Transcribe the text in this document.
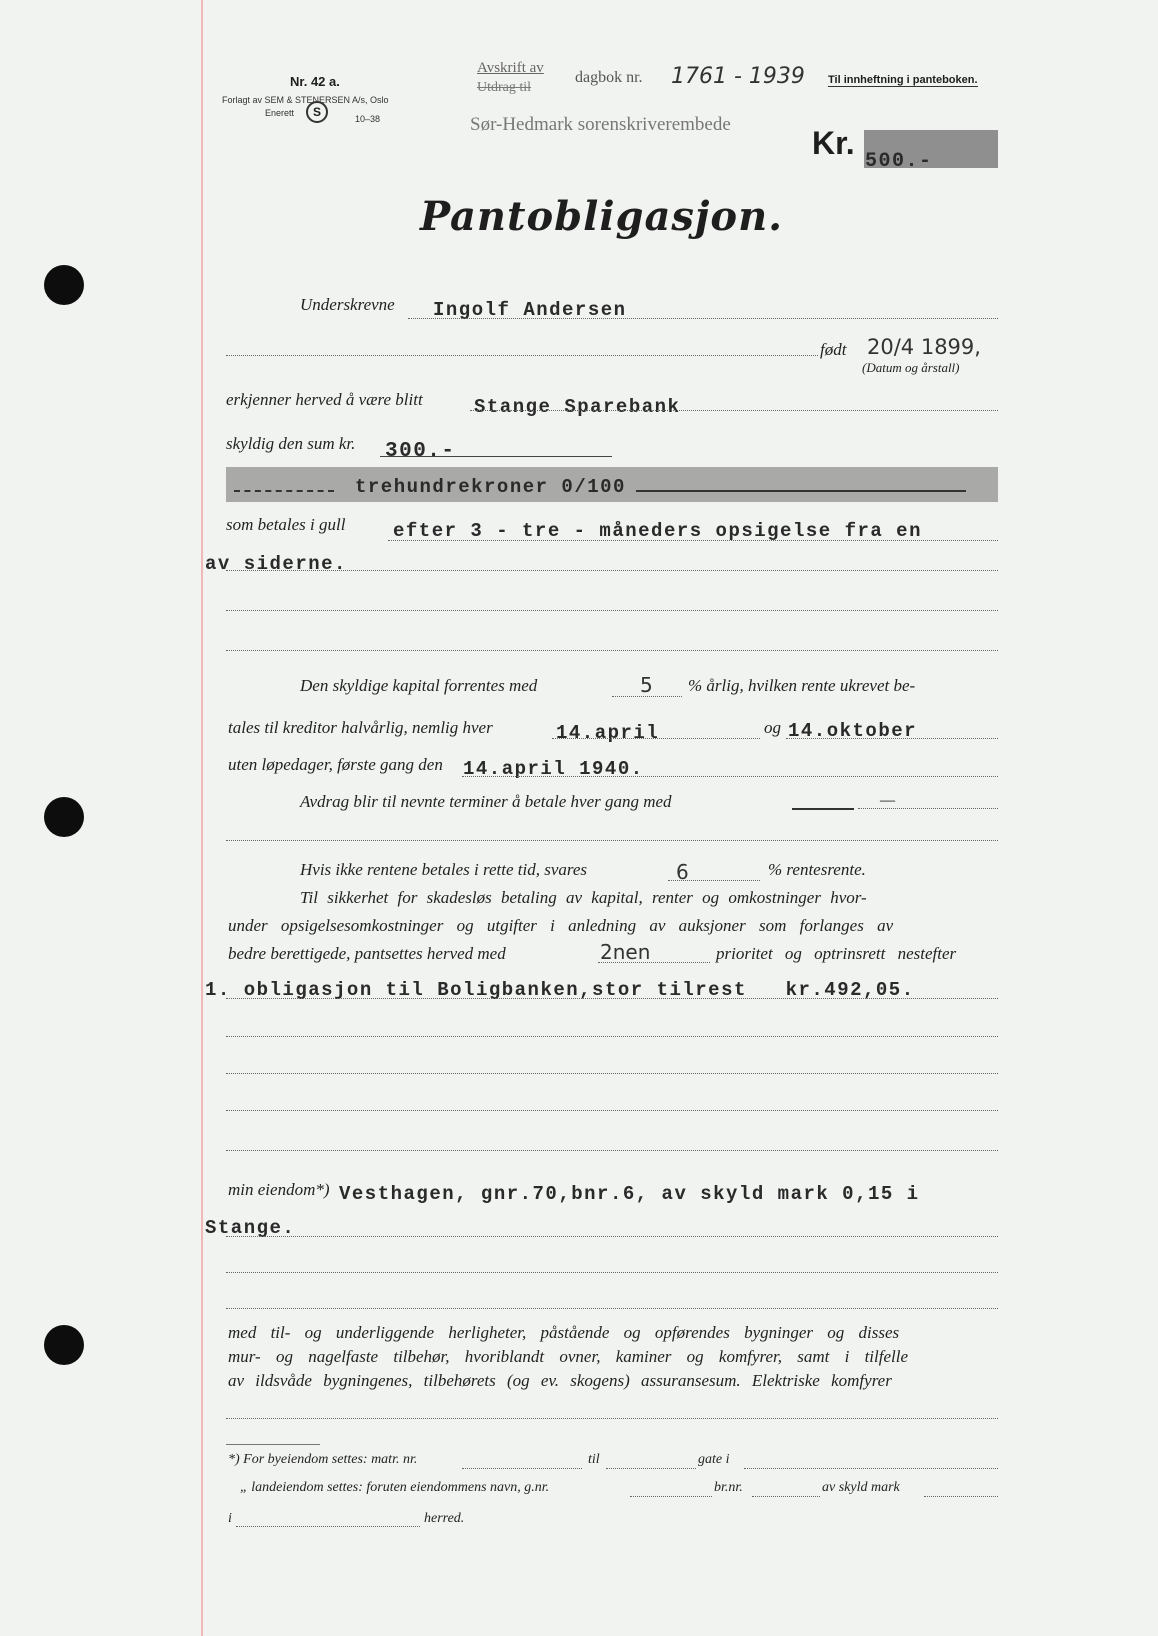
Nr. 42 a.
Forlagt av SEM & STENERSEN A/s, Oslo
Enerett	S	10–38
Avskrift av
Utdrag til
dagbok nr. 1761 - 1939
Sør-Hedmark sorenskriverembede
Til innheftning i panteboken.
Kr.
500.-
Pantobligasjon.
Underskrevne Ingolf Andersen
født 20/4 1899,
(Datum og årstall)
erkjenner herved å være blitt	Stange Sparebank
skyldig den sum kr. 300.-
trehundrekroner 0/100
som betales i gull	efter 3 - tre - måneders opsigelse fra en
av siderne.
Den skyldige kapital forrentes med	5 % årlig, hvilken rente ukrevet be-
tales til kreditor halvårlig, nemlig hver	14.april	og 14.oktober
uten løpedager, første gang den 14.april 1940.
Avdrag blir til nevnte terminer å betale hver gang med	—
Hvis ikke rentene betales i rette tid, svares	6	% rentesrente.
Til sikkerhet for skadesløs betaling av kapital, renter og omkostninger hvor-
under opsigelsesomkostninger og utgifter i anledning av auksjoner som forlanges av
bedre berettigede, pantsettes herved med	2nen	prioritet og optrinsrett nestefter
1. obligasjon til Boligbanken,stor tilrest   kr.492,05.
min eiendom*) Vesthagen, gnr.70,bnr.6, av skyld mark 0,15 i
Stange.
med til- og underliggende herligheter, påstående og opførendes bygninger og disses
mur- og nagelfaste tilbehør, hvoriblandt ovner, kaminer og komfyrer, samt i tilfelle
av ildsvåde bygningenes, tilbehørets (og ev. skogens) assuransesum. Elektriske komfyrer
*) For byeiendom settes: matr. nr.	til	gate i
„ landeiendom settes: foruten eiendommens navn, g.nr.	br.nr.	av skyld mark
i	herred.
